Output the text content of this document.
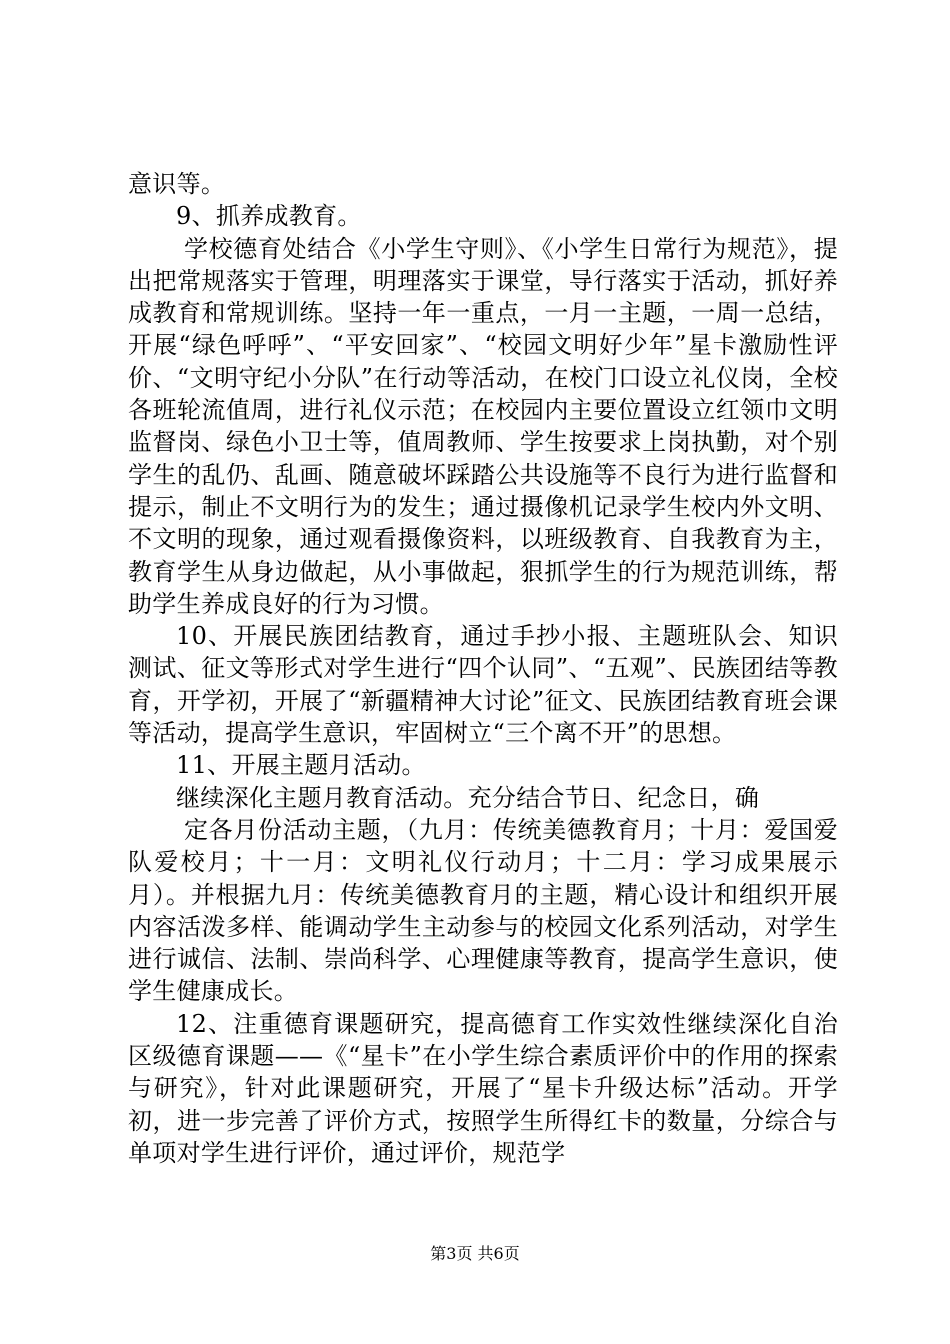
意识等。

9、抓养成教育。

学校德育处结合《小学生守则》、《小学生日常行为规范》，提出把常规落实于管理，明理落实于课堂，导行落实于活动，抓好养成教育和常规训练。坚持一年一重点，一月一主题，一周一总结，开展“绿色呼呼”、“平安回家”、“校园文明好少年”星卡激励性评价、“文明守纪小分队”在行动等活动，在校门口设立礼仪岗，全校各班轮流值周，进行礼仪示范；在校园内主要位置设立红领巾文明监督岗、绿色小卫士等，值周教师、学生按要求上岗执勤，对个别学生的乱仍、乱画、随意破坏踩踏公共设施等不良行为进行监督和提示，制止不文明行为的发生；通过摄像机记录学生校内外文明、不文明的现象，通过观看摄像资料，以班级教育、自我教育为主，教育学生从身边做起，从小事做起，狠抓学生的行为规范训练，帮助学生养成良好的行为习惯。

10、开展民族团结教育，通过手抄小报、主题班队会、知识测试、征文等形式对学生进行“四个认同”、“五观”、民族团结等教育，开学初，开展了“新疆精神大讨论”征文、民族团结教育班会课等活动，提高学生意识，牢固树立“三个离不开”的思想。

11、开展主题月活动。

继续深化主题月教育活动。充分结合节日、纪念日，确

定各月份活动主题，（九月：传统美德教育月；十月：爱国爱队爱校月；十一月：文明礼仪行动月；十二月：学习成果展示月）。并根据九月：传统美德教育月的主题，精心设计和组织开展内容活泼多样、能调动学生主动参与的校园文化系列活动，对学生进行诚信、法制、崇尚科学、心理健康等教育，提高学生意识，使学生健康成长。

12、注重德育课题研究，提高德育工作实效性继续深化自治区级德育课题——《“星卡”在小学生综合素质评价中的作用的探索与研究》，针对此课题研究，开展了“星卡升级达标”活动。开学初，进一步完善了评价方式，按照学生所得红卡的数量，分综合与单项对学生进行评价，通过评价，规范学

第3页 共6页
